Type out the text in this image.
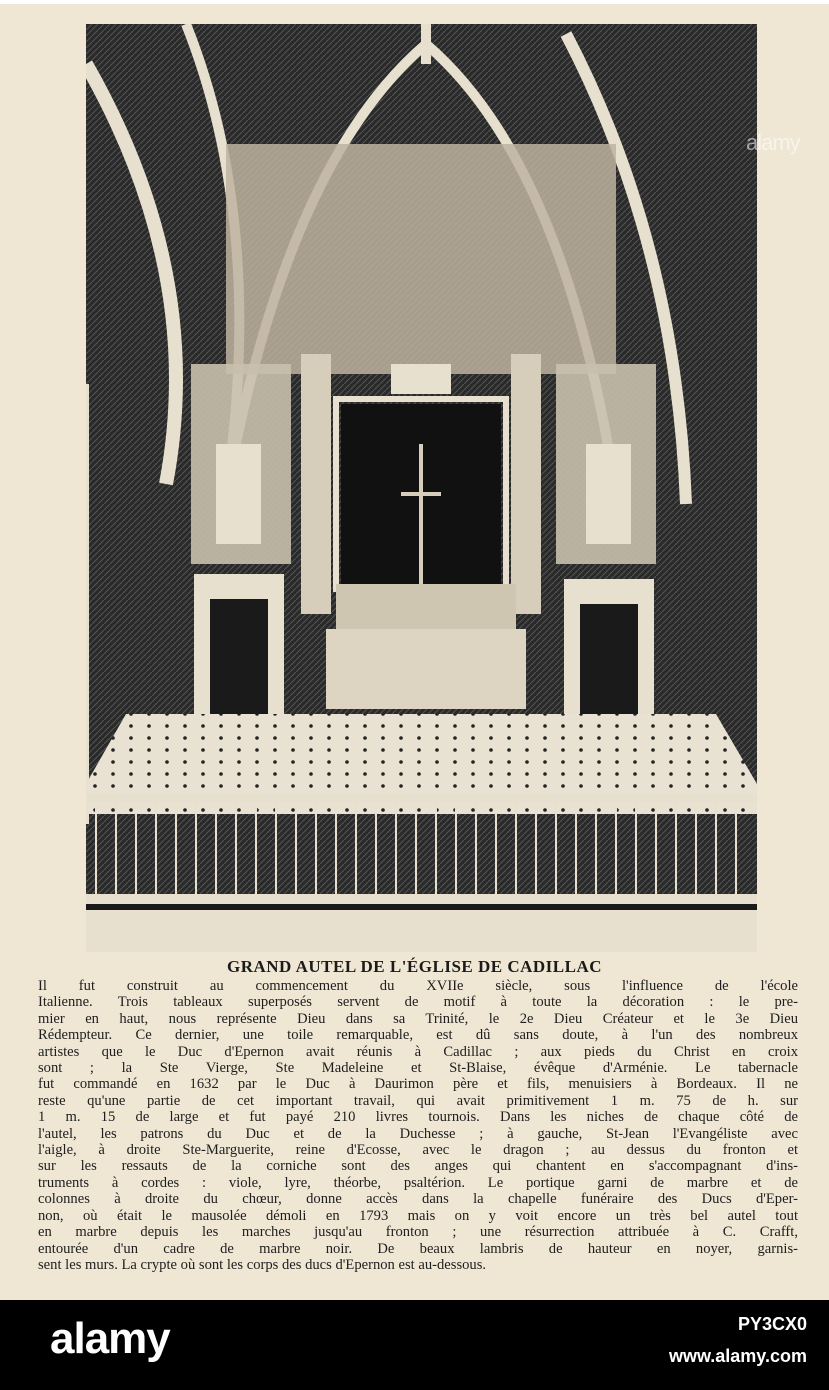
alamy
GRAND AUTEL DE L'ÉGLISE DE CADILLAC
Il fut construit au commencement du XVIIe siècle, sous l'influence de l'école
Italienne. Trois tableaux superposés servent de motif à toute la décoration : le pre-
mier en haut, nous représente Dieu dans sa Trinité, le 2e Dieu Créateur et le 3e Dieu
Rédempteur. Ce dernier, une toile remarquable, est dû sans doute, à l'un des nombreux
artistes que le Duc d'Epernon avait réunis à Cadillac ; aux pieds du Christ en croix
sont ; la Ste Vierge, Ste Madeleine et St-Blaise, évêque d'Arménie. Le tabernacle
fut commandé en 1632 par le Duc à Daurimon père et fils, menuisiers à Bordeaux. Il ne
reste qu'une partie de cet important travail, qui avait primitivement 1 m. 75 de h. sur
1 m. 15 de large et fut payé 210 livres tournois. Dans les niches de chaque côté de
l'autel, les patrons du Duc et de la Duchesse ; à gauche, St-Jean l'Evangéliste avec
l'aigle, à droite Ste-Marguerite, reine d'Ecosse, avec le dragon ; au dessus du fronton et
sur les ressauts de la corniche sont des anges qui chantent en s'accompagnant d'ins-
truments à cordes : viole, lyre, théorbe, psaltérion. Le portique garni de marbre et de
colonnes à droite du chœur, donne accès dans la chapelle funéraire des Ducs d'Eper-
non, où était le mausolée démoli en 1793 mais on y voit encore un très bel autel tout
en marbre depuis les marches jusqu'au fronton ; une résurrection attribuée à C. Crafft,
entourée d'un cadre de marbre noir. De beaux lambris de hauteur en noyer, garnis-
sent les murs. La crypte où sont les corps des ducs d'Epernon est au-dessous.
alamy	PY3CX0
www.alamy.com
